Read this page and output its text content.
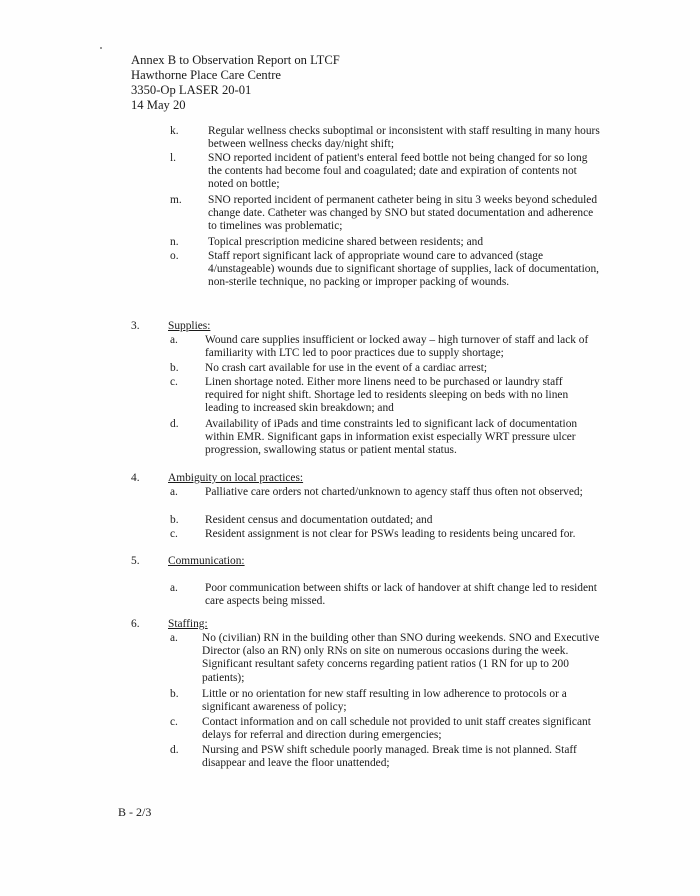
Annex B to Observation Report on LTCF
Hawthorne Place Care Centre
3350-Op LASER 20-01
14 May 20
k.	Regular wellness checks suboptimal or inconsistent with staff resulting in many hours between wellness checks day/night shift;
l.	SNO reported incident of patient's enteral feed bottle not being changed for so long the contents had become foul and coagulated; date and expiration of contents not noted on bottle;
m.	SNO reported incident of permanent catheter being in situ 3 weeks beyond scheduled change date. Catheter was changed by SNO but stated documentation and adherence to timelines was problematic;
n.	Topical prescription medicine shared between residents; and
o.	Staff report significant lack of appropriate wound care to advanced (stage 4/unstageable) wounds due to significant shortage of supplies, lack of documentation, non-sterile technique, no packing or improper packing of wounds.
3.	Supplies:
a.	Wound care supplies insufficient or locked away – high turnover of staff and lack of familiarity with LTC led to poor practices due to supply shortage;
b.	No crash cart available for use in the event of a cardiac arrest;
c.	Linen shortage noted. Either more linens need to be purchased or laundry staff required for night shift. Shortage led to residents sleeping on beds with no linen leading to increased skin breakdown; and
d.	Availability of iPads and time constraints led to significant lack of documentation within EMR. Significant gaps in information exist especially WRT pressure ulcer progression, swallowing status or patient mental status.
4.	Ambiguity on local practices:
a.	Palliative care orders not charted/unknown to agency staff thus often not observed;
b.	Resident census and documentation outdated; and
c.	Resident assignment is not clear for PSWs leading to residents being uncared for.
5.	Communication:
a.	Poor communication between shifts or lack of handover at shift change led to resident care aspects being missed.
6.	Staffing:
a.	No (civilian) RN in the building other than SNO during weekends. SNO and Executive Director (also an RN) only RNs on site on numerous occasions during the week. Significant resultant safety concerns regarding patient ratios (1 RN for up to 200 patients);
b.	Little or no orientation for new staff resulting in low adherence to protocols or a significant awareness of policy;
c.	Contact information and on call schedule not provided to unit staff creates significant delays for referral and direction during emergencies;
d.	Nursing and PSW shift schedule poorly managed. Break time is not planned. Staff disappear and leave the floor unattended;
B - 2/3
